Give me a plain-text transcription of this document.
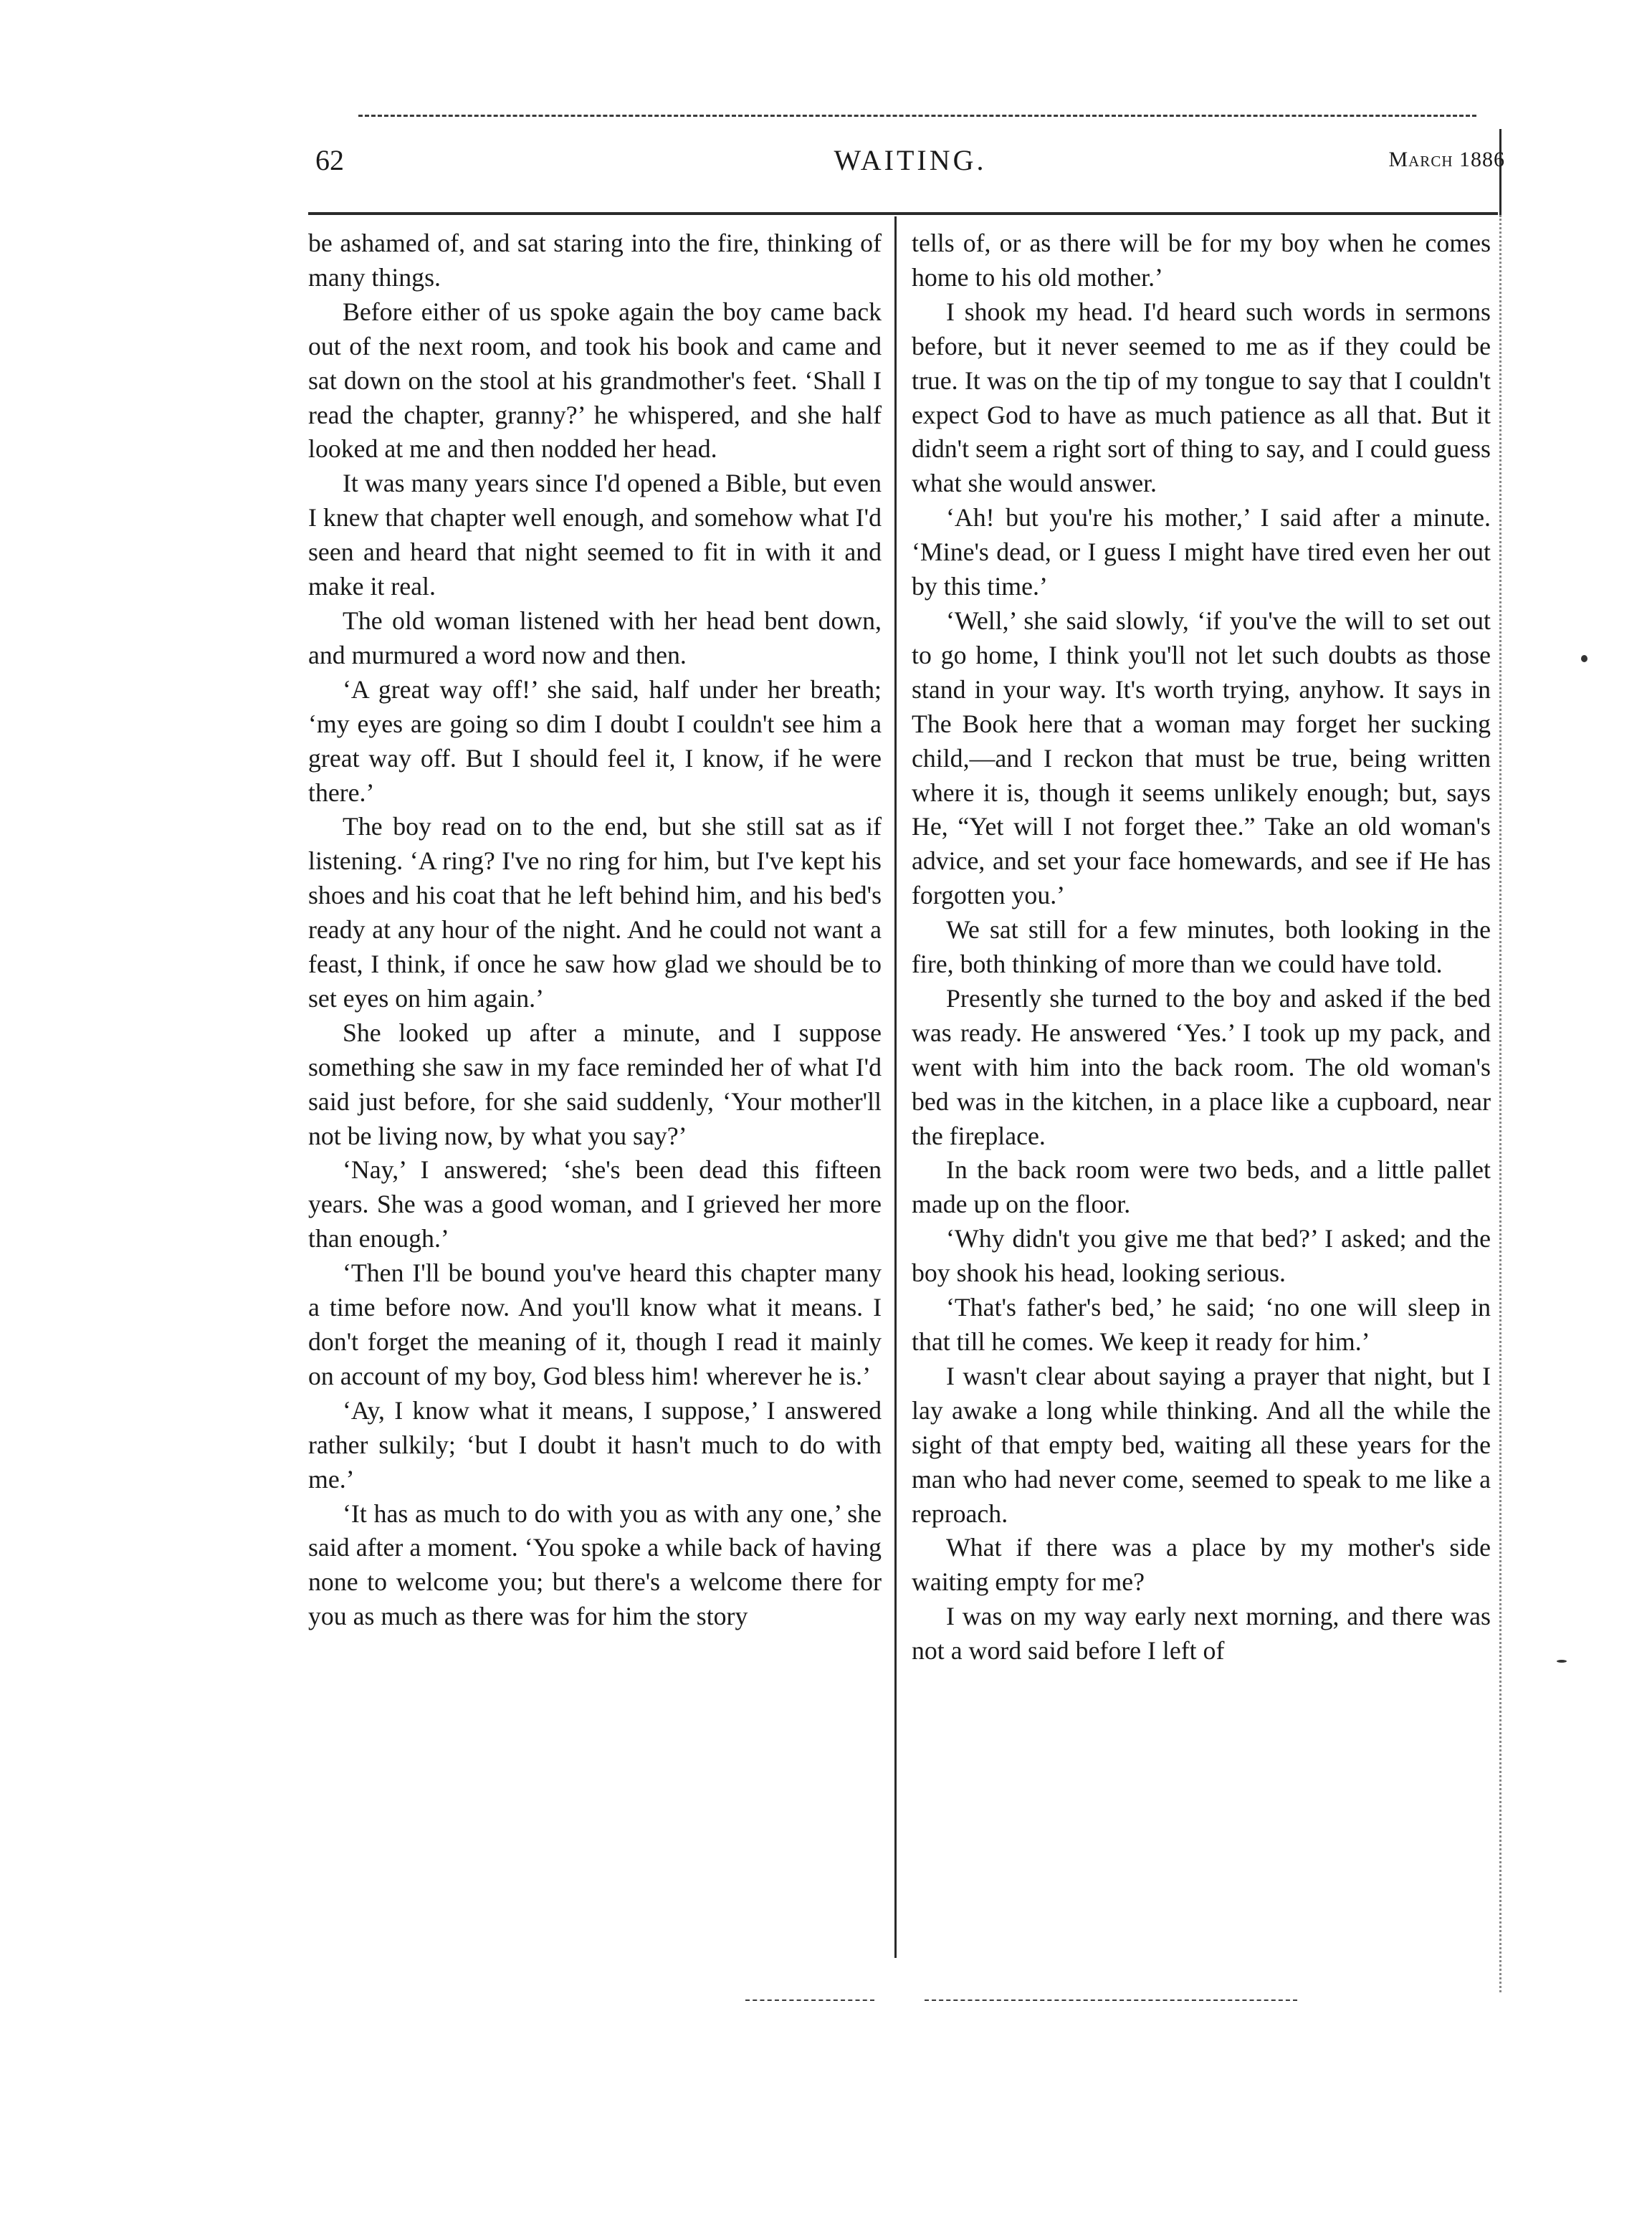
62	WAITING.	March 1886

be ashamed of, and sat staring into the fire, thinking of many things.

Before either of us spoke again the boy came back out of the next room, and took his book and came and sat down on the stool at his grandmother's feet. ‘Shall I read the chapter, granny?’ he whispered, and she half looked at me and then nodded her head.

It was many years since I'd opened a Bible, but even I knew that chapter well enough, and somehow what I'd seen and heard that night seemed to fit in with it and make it real.

The old woman listened with her head bent down, and murmured a word now and then.

‘A great way off!’ she said, half under her breath; ‘my eyes are going so dim I doubt I couldn't see him a great way off. But I should feel it, I know, if he were there.’

The boy read on to the end, but she still sat as if listening. ‘A ring? I've no ring for him, but I've kept his shoes and his coat that he left behind him, and his bed's ready at any hour of the night. And he could not want a feast, I think, if once he saw how glad we should be to set eyes on him again.’

She looked up after a minute, and I suppose something she saw in my face reminded her of what I'd said just before, for she said suddenly, ‘Your mother'll not be living now, by what you say?’

‘Nay,’ I answered; ‘she's been dead this fifteen years. She was a good woman, and I grieved her more than enough.’

‘Then I'll be bound you've heard this chapter many a time before now. And you'll know what it means. I don't forget the meaning of it, though I read it mainly on account of my boy, God bless him! wherever he is.’

‘Ay, I know what it means, I suppose,’ I answered rather sulkily; ‘but I doubt it hasn't much to do with me.’

‘It has as much to do with you as with any one,’ she said after a moment. ‘You spoke a while back of having none to welcome you; but there's a welcome there for you as much as there was for him the story

tells of, or as there will be for my boy when he comes home to his old mother.’

I shook my head. I'd heard such words in sermons before, but it never seemed to me as if they could be true. It was on the tip of my tongue to say that I couldn't expect God to have as much patience as all that. But it didn't seem a right sort of thing to say, and I could guess what she would answer.

‘Ah! but you're his mother,’ I said after a minute. ‘Mine's dead, or I guess I might have tired even her out by this time.’

‘Well,’ she said slowly, ‘if you've the will to set out to go home, I think you'll not let such doubts as those stand in your way. It's worth trying, anyhow. It says in The Book here that a woman may forget her sucking child,—and I reckon that must be true, being written where it is, though it seems unlikely enough; but, says He, “Yet will I not forget thee.” Take an old woman's advice, and set your face homewards, and see if He has forgotten you.’

We sat still for a few minutes, both looking in the fire, both thinking of more than we could have told.

Presently she turned to the boy and asked if the bed was ready. He answered ‘Yes.’ I took up my pack, and went with him into the back room. The old woman's bed was in the kitchen, in a place like a cupboard, near the fireplace.

In the back room were two beds, and a little pallet made up on the floor.

‘Why didn't you give me that bed?’ I asked; and the boy shook his head, looking serious.

‘That's father's bed,’ he said; ‘no one will sleep in that till he comes. We keep it ready for him.’

I wasn't clear about saying a prayer that night, but I lay awake a long while thinking. And all the while the sight of that empty bed, waiting all these years for the man who had never come, seemed to speak to me like a reproach.

What if there was a place by my mother's side waiting empty for me?

I was on my way early next morning, and there was not a word said before I left of
